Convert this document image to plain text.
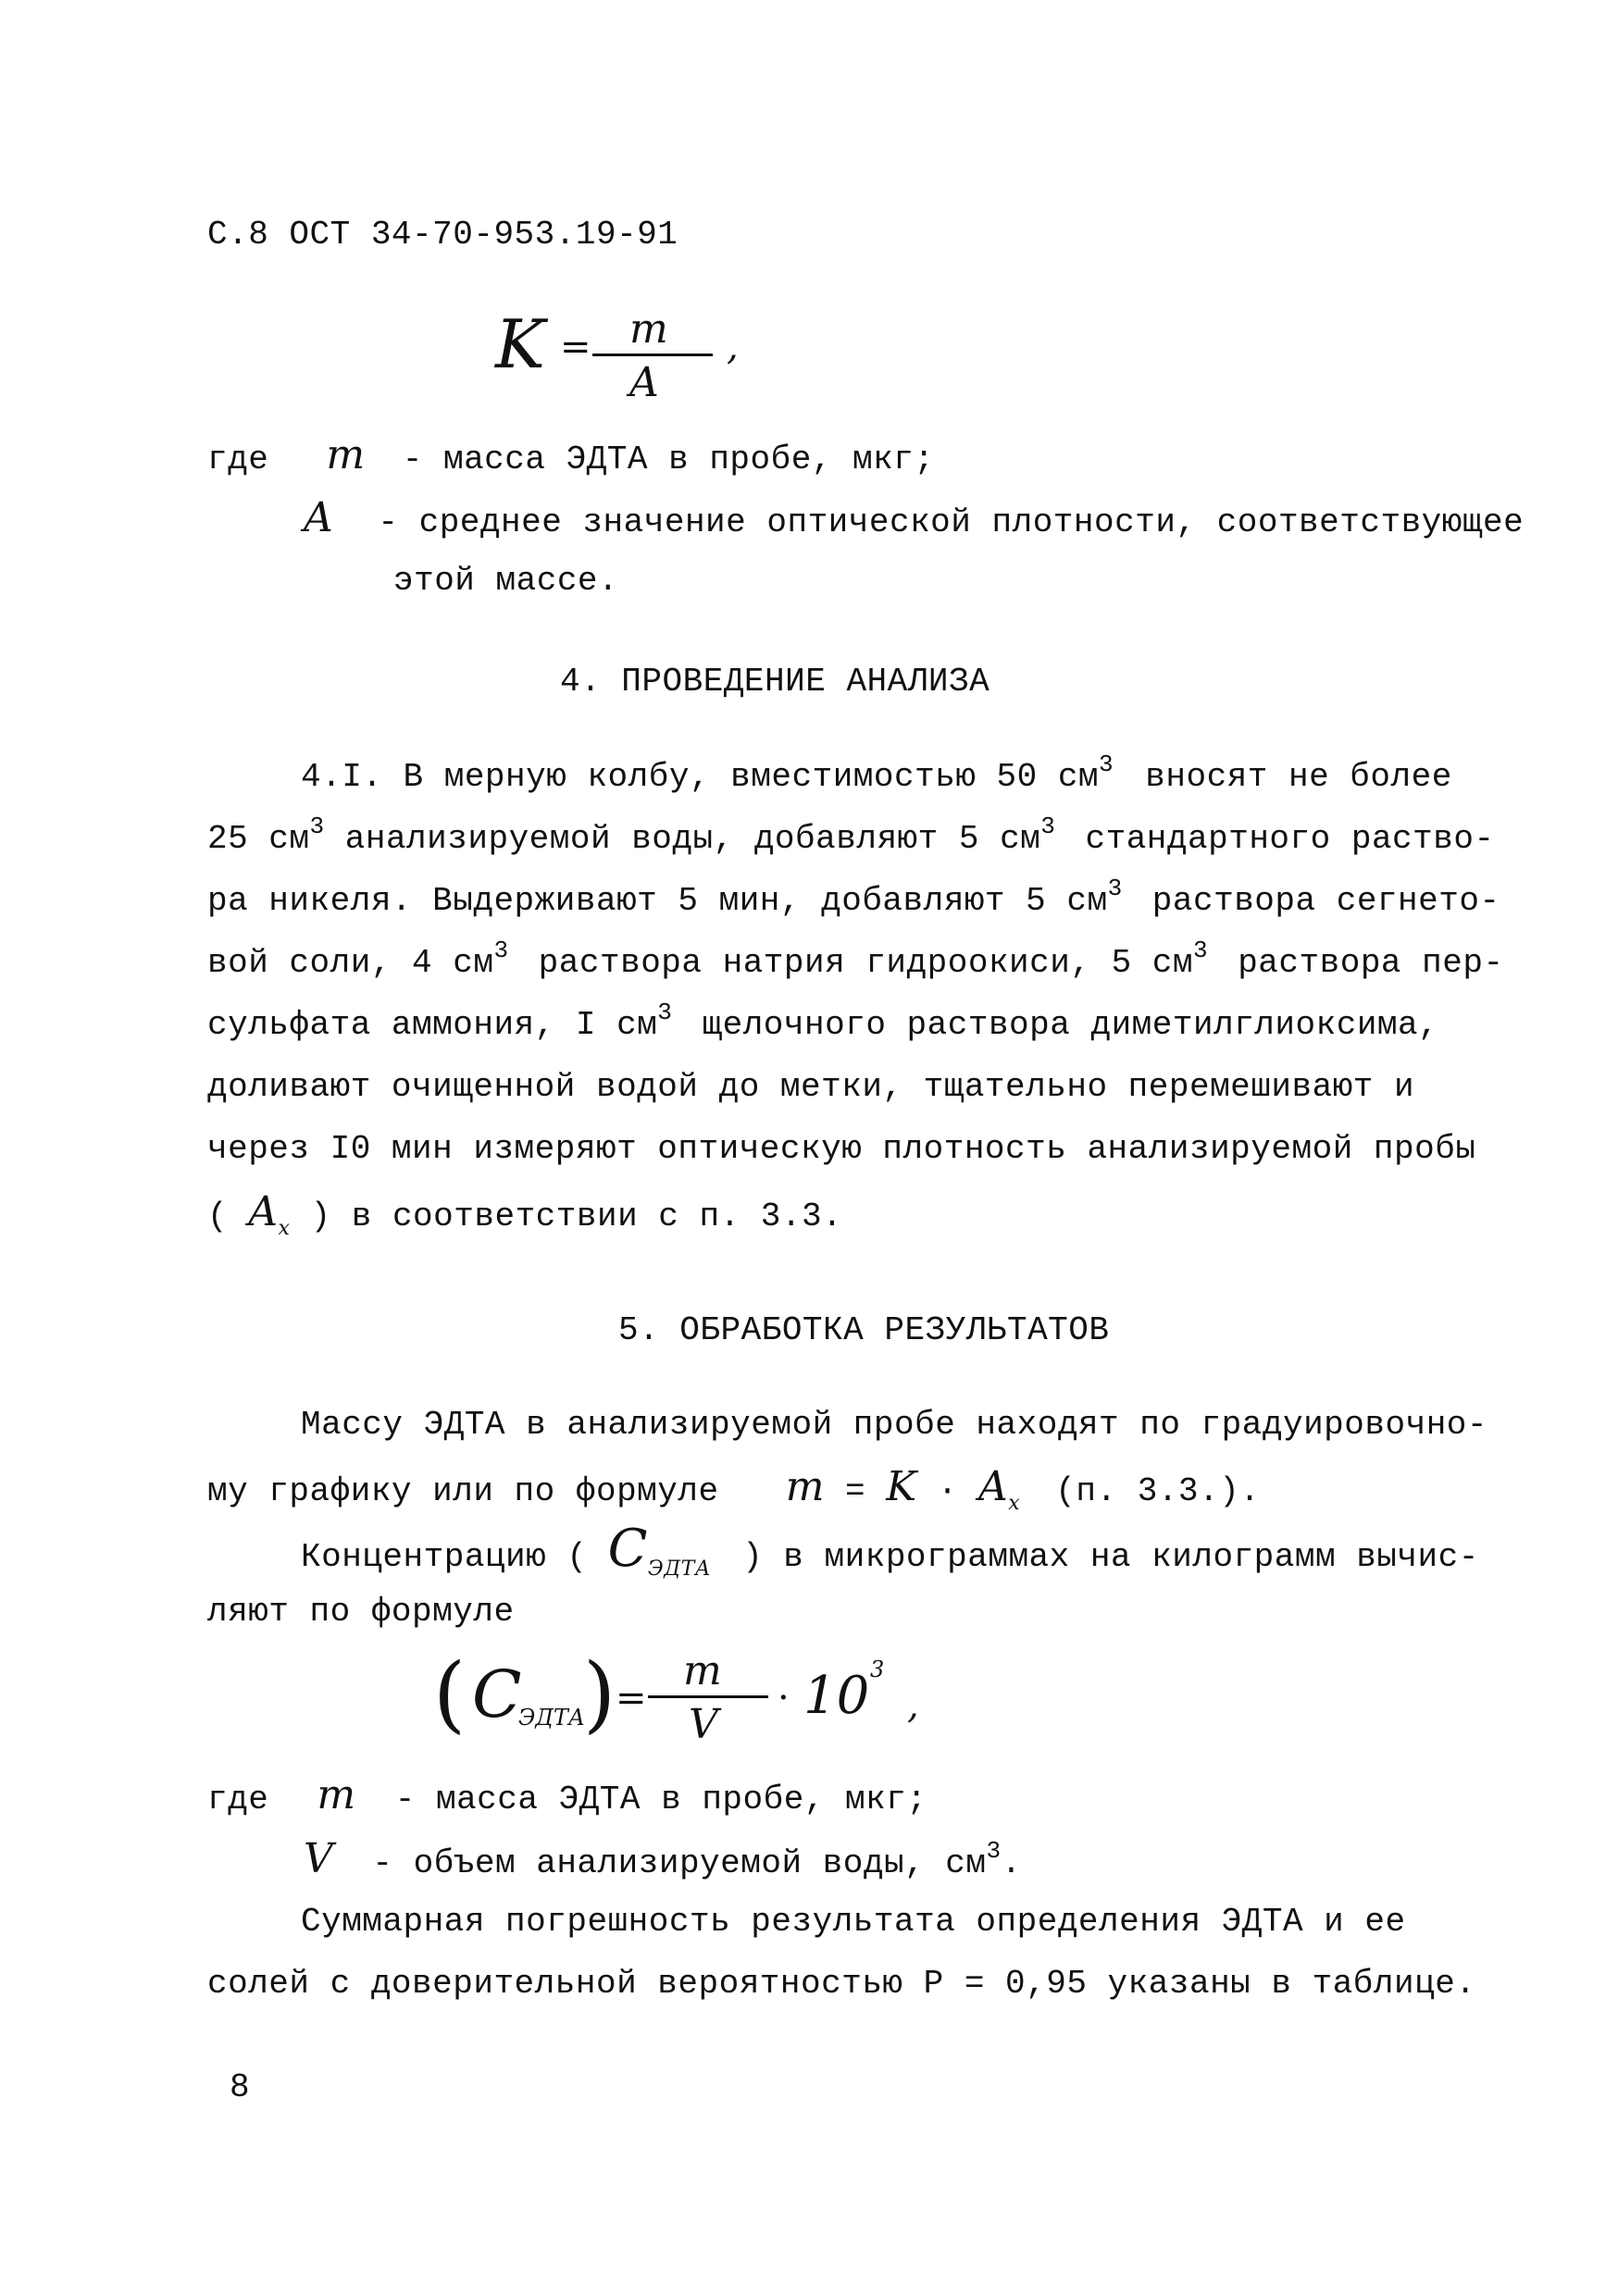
С.8 ОСТ 34-70-953.19-91
K = m
A
,
где m - масса ЭДТА в пробе, мкг;
A - среднее значение оптической плотности, соответствующее
этой массе.
4. ПРОВЕДЕНИЕ АНАЛИЗА
4.I. В мерную колбу, вместимостью 50 $см^3$ вносят не более
25 $см^3$ анализируемой воды, добавляют 5 $см^3$ стандартного раство-
ра никеля. Выдерживают 5 мин, добавляют 5 $см^3$ раствора сегнето-
вой соли, 4 $см^3$ раствора натрия гидроокиси, 5 $см^3$ раствора пер-
сульфата аммония, I $см^3$ щелочного раствора диметилглиоксима,
доливают очищенной водой до метки, тщательно перемешивают и
через I0 мин измеряют оптическую плотность анализируемой пробы
( $A_x$ ) в соответствии с п. 3.3.
5. ОБРАБОТКА РЕЗУЛЬТАТОВ
Массу ЭДТА в анализируемой пробе находят по градуировочно-
му графику или по формуле $m = K \cdot A_x$ (п. 3.3.).
Концентрацию ( $C_{ЭДТА}$ ) в микрограммах на килограмм вычис-
ляют по формуле
( C
ЭДТА
) =
m
V
· 10 3
,
где m - масса ЭДТА в пробе, мкг;
V - объем анализируемой воды, $см^3$.
Суммарная погрешность результата определения ЭДТА и ее
солей с доверительной вероятностью Р = 0,95 указаны в таблице.
8
